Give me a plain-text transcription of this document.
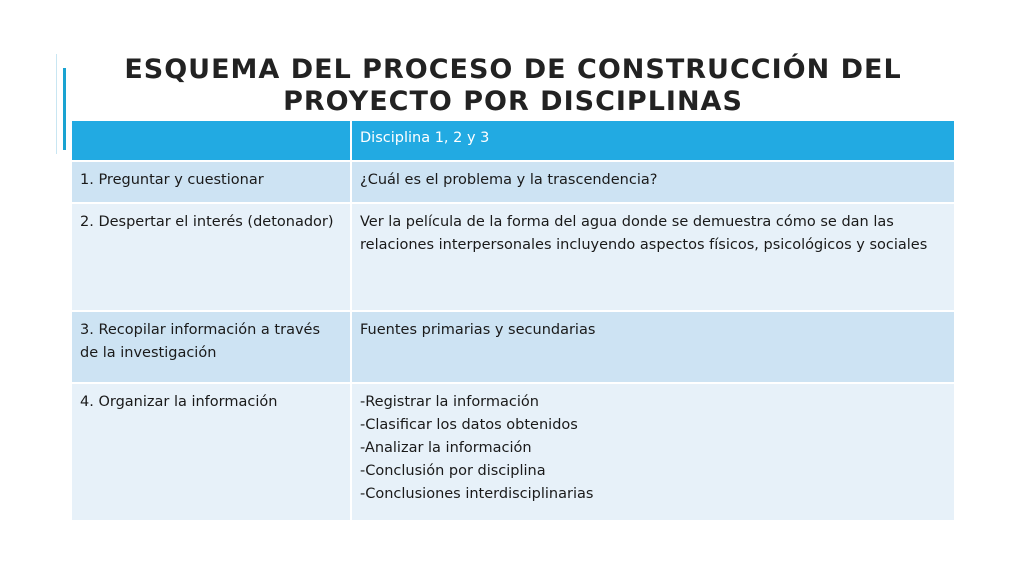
ESQUEMA DEL PROCESO DE CONSTRUCCIÓN DEL
PROYECTO POR DISCIPLINAS
	Disciplina 1, 2 y 3
1. Preguntar y cuestionar	¿Cuál es el problema y la trascendencia?

2. Despertar el interés (detonador)	Ver la película de la forma del agua donde se demuestra cómo se dan las relaciones interpersonales incluyendo aspectos físicos, psicológicos y sociales

3. Recopilar información a través de la investigación	Fuentes primarias y secundarias

4. Organizar la información	-Registrar la información
-Clasificar los datos obtenidos
-Analizar la información
-Conclusión por disciplina
-Conclusiones interdisciplinarias
